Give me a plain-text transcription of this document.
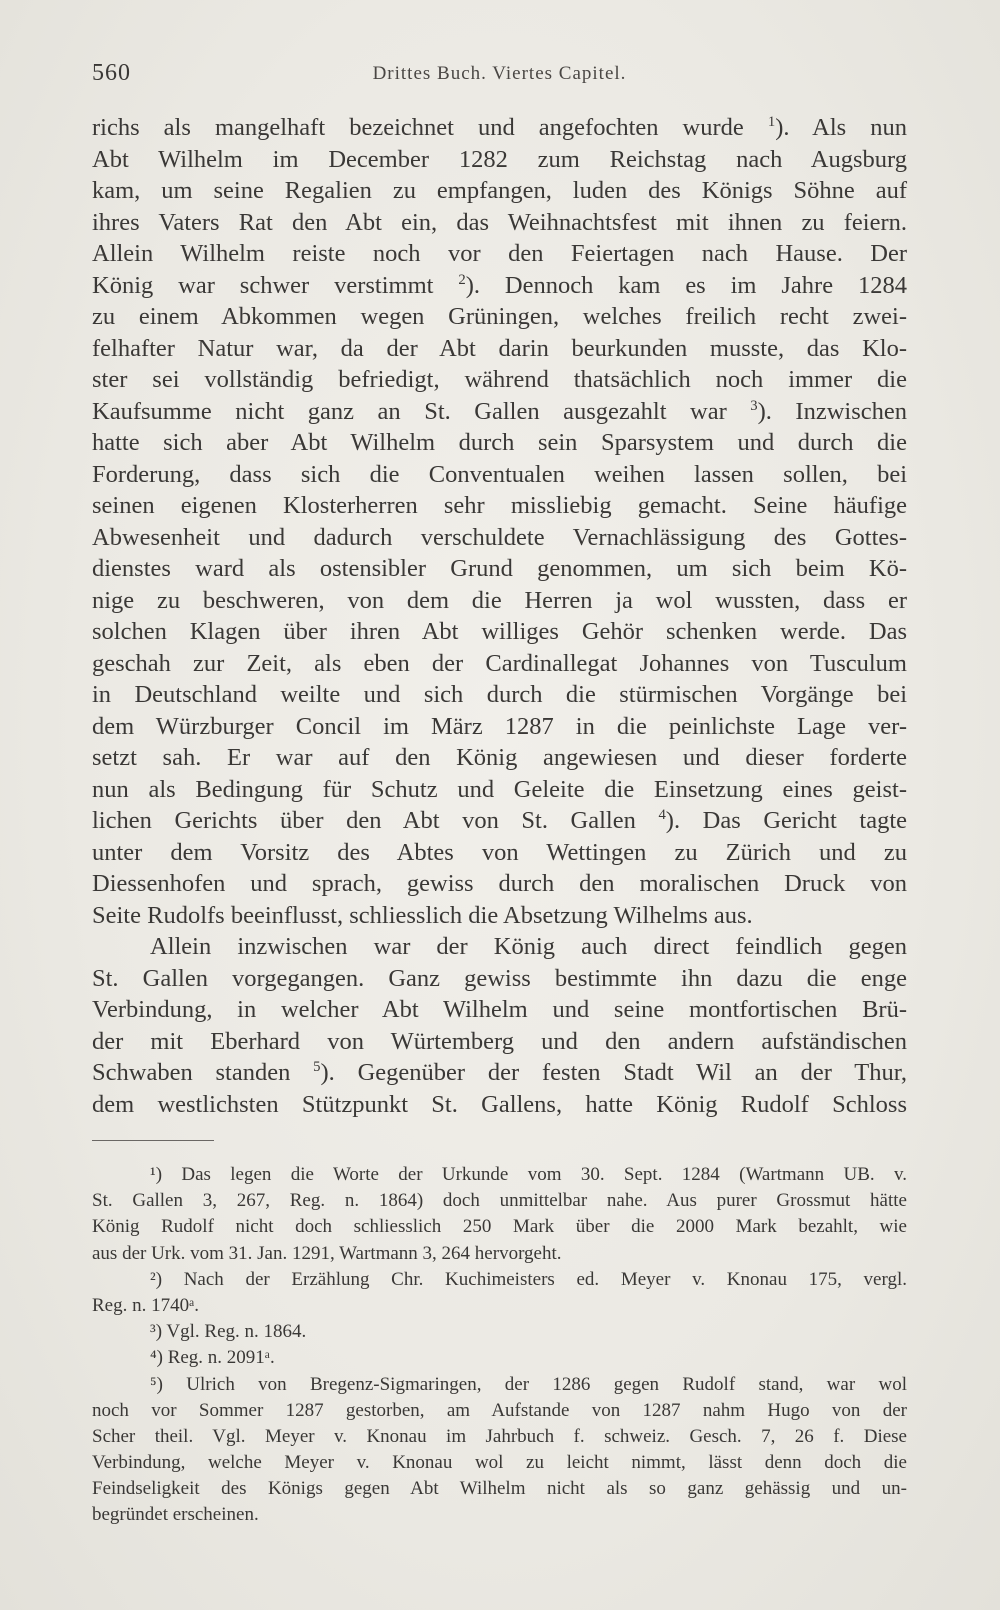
560	Drittes Buch. Viertes Capitel.
richs als mangelhaft bezeichnet und angefochten wurde $^1$). Als nun
Abt Wilhelm im December 1282 zum Reichstag nach Augsburg
kam, um seine Regalien zu empfangen, luden des Königs Söhne auf
ihres Vaters Rat den Abt ein, das Weihnachtsfest mit ihnen zu feiern.
Allein Wilhelm reiste noch vor den Feiertagen nach Hause. Der
König war schwer verstimmt $^2$). Dennoch kam es im Jahre 1284
zu einem Abkommen wegen Grüningen, welches freilich recht zwei-
felhafter Natur war, da der Abt darin beurkunden musste, das Klo-
ster sei vollständig befriedigt, während thatsächlich noch immer die
Kaufsumme nicht ganz an St. Gallen ausgezahlt war $^3$). Inzwischen
hatte sich aber Abt Wilhelm durch sein Sparsystem und durch die
Forderung, dass sich die Conventualen weihen lassen sollen, bei
seinen eigenen Klosterherren sehr missliebig gemacht. Seine häufige
Abwesenheit und dadurch verschuldete Vernachlässigung des Gottes-
dienstes ward als ostensibler Grund genommen, um sich beim Kö-
nige zu beschweren, von dem die Herren ja wol wussten, dass er
solchen Klagen über ihren Abt williges Gehör schenken werde. Das
geschah zur Zeit, als eben der Cardinallegat Johannes von Tusculum
in Deutschland weilte und sich durch die stürmischen Vorgänge bei
dem Würzburger Concil im März 1287 in die peinlichste Lage ver-
setzt sah. Er war auf den König angewiesen und dieser forderte
nun als Bedingung für Schutz und Geleite die Einsetzung eines geist-
lichen Gerichts über den Abt von St. Gallen $^4$). Das Gericht tagte
unter dem Vorsitz des Abtes von Wettingen zu Zürich und zu
Diessenhofen und sprach, gewiss durch den moralischen Druck von
Seite Rudolfs beeinflusst, schliesslich die Absetzung Wilhelms aus.
Allein inzwischen war der König auch direct feindlich gegen
St. Gallen vorgegangen. Ganz gewiss bestimmte ihn dazu die enge
Verbindung, in welcher Abt Wilhelm und seine montfortischen Brü-
der mit Eberhard von Würtemberg und den andern aufständischen
Schwaben standen $^5$). Gegenüber der festen Stadt Wil an der Thur,
dem westlichsten Stützpunkt St. Gallens, hatte König Rudolf Schloss
¹) Das legen die Worte der Urkunde vom 30. Sept. 1284 (Wartmann UB. v.
St. Gallen 3, 267, Reg. n. 1864) doch unmittelbar nahe. Aus purer Grossmut hätte
König Rudolf nicht doch schliesslich 250 Mark über die 2000 Mark bezahlt, wie
aus der Urk. vom 31. Jan. 1291, Wartmann 3, 264 hervorgeht.
²) Nach der Erzählung Chr. Kuchimeisters ed. Meyer v. Knonau 175, vergl.
Reg. n. 1740ᵃ.
³) Vgl. Reg. n. 1864.
⁴) Reg. n. 2091ᵃ.
⁵) Ulrich von Bregenz-Sigmaringen, der 1286 gegen Rudolf stand, war wol
noch vor Sommer 1287 gestorben, am Aufstande von 1287 nahm Hugo von der
Scher theil. Vgl. Meyer v. Knonau im Jahrbuch f. schweiz. Gesch. 7, 26 f. Diese
Verbindung, welche Meyer v. Knonau wol zu leicht nimmt, lässt denn doch die
Feindseligkeit des Königs gegen Abt Wilhelm nicht als so ganz gehässig und un-
begründet erscheinen.
